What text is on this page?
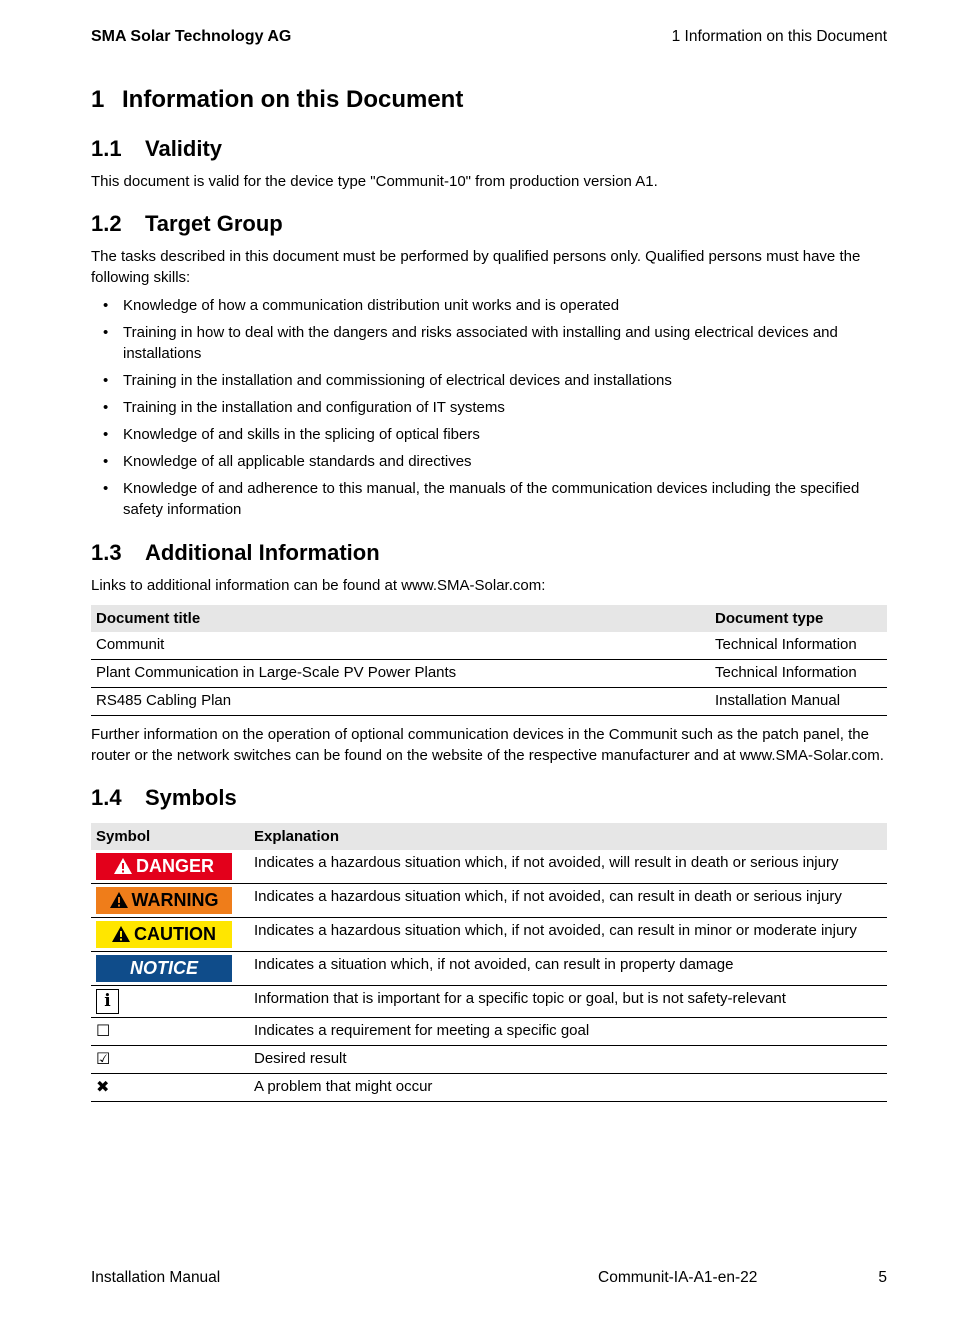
SMA Solar Technology AG	1 Information on this Document
1 Information on this Document
1.1 Validity

This document is valid for the device type "Communit-10" from production version A1.

1.2 Target Group

The tasks described in this document must be performed by qualified persons only. Qualified persons must have the following skills:

• Knowledge of how a communication distribution unit works and is operated
• Training in how to deal with the dangers and risks associated with installing and using electrical devices and installations
• Training in the installation and commissioning of electrical devices and installations
• Training in the installation and configuration of IT systems
• Knowledge of and skills in the splicing of optical fibers
• Knowledge of all applicable standards and directives
• Knowledge of and adherence to this manual, the manuals of the communication devices including the specified safety information
1.3 Additional Information

Links to additional information can be found at www.SMA-Solar.com:

Document title	Document type
Communit	Technical Information
Plant Communication in Large-Scale PV Power Plants	Technical Information
RS485 Cabling Plan	Installation Manual

Further information on the operation of optional communication devices in the Communit such as the patch panel, the router or the network switches can be found on the website of the respective manufacturer and at www.SMA-Solar.com.

1.4 Symbols
Symbol	Explanation

DANGER	Indicates a hazardous situation which, if not avoided, will result in death or serious injury

WARNING	Indicates a hazardous situation which, if not avoided, can result in death or serious injury

CAUTION	Indicates a hazardous situation which, if not avoided, can result in minor or moderate injury

NOTICE	Indicates a situation which, if not avoided, can result in property damage
i	Information that is important for a specific topic or goal, but is not safety-relevant
☐	Indicates a requirement for meeting a specific goal
☑	Desired result
✖	A problem that might occur
Installation Manual	Communit-IA-A1-en-22	5
